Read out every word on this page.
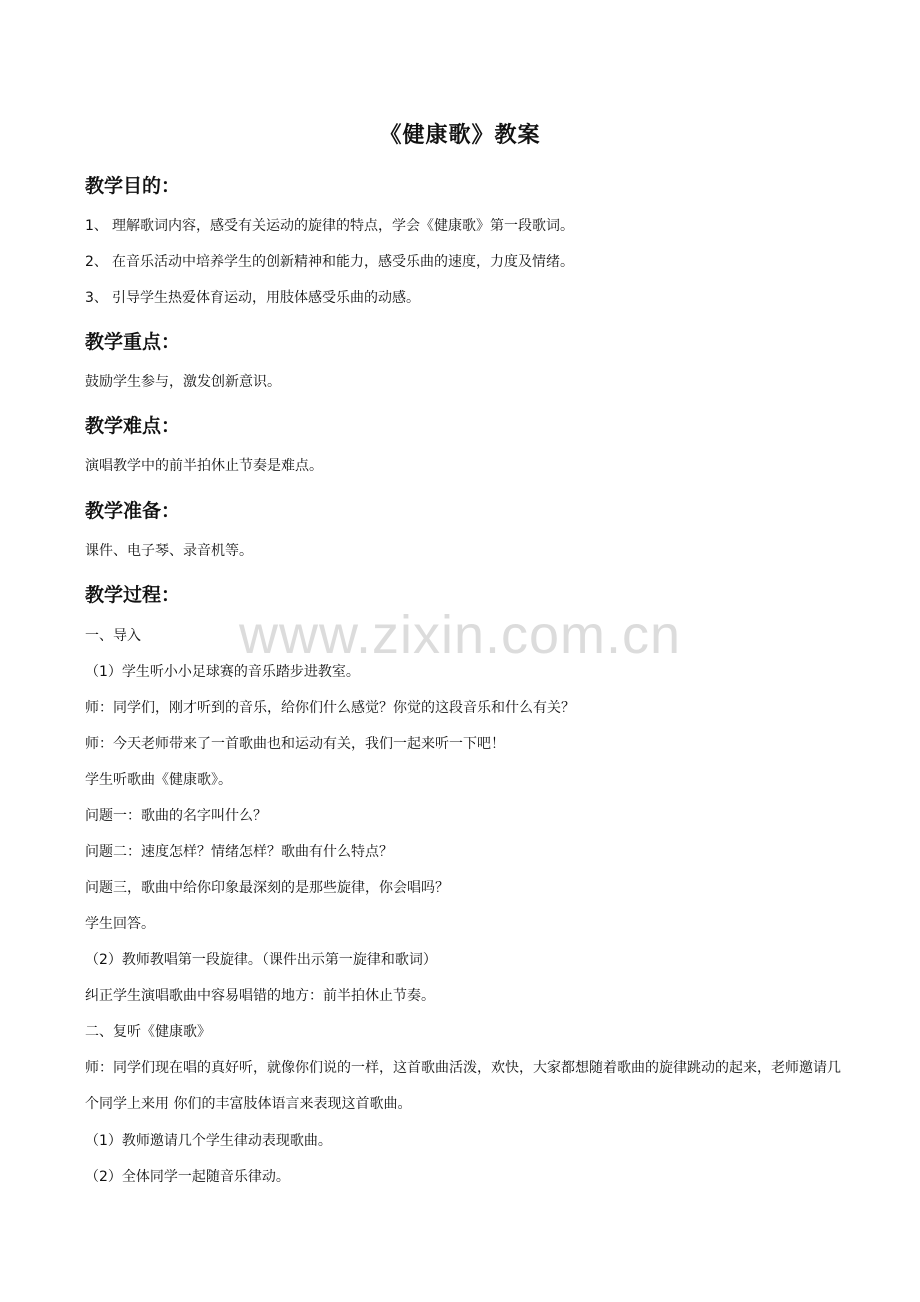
www.zixin.com.cn
《健康歌》教案
教学目的：
1、 理解歌词内容，感受有关运动的旋律的特点，学会《健康歌》第一段歌词。
2、 在音乐活动中培养学生的创新精神和能力，感受乐曲的速度，力度及情绪。
3、 引导学生热爱体育运动，用肢体感受乐曲的动感。
教学重点：
鼓励学生参与，激发创新意识。
教学难点：
演唱教学中的前半拍休止节奏是难点。
教学准备：
课件、电子琴、录音机等。
教学过程：
一、导入
（1）学生听小小足球赛的音乐踏步进教室。
师：同学们，刚才听到的音乐，给你们什么感觉？你觉的这段音乐和什么有关？
师：今天老师带来了一首歌曲也和运动有关，我们一起来听一下吧！
学生听歌曲《健康歌》。
问题一：歌曲的名字叫什么？
问题二：速度怎样？情绪怎样？歌曲有什么特点？
问题三，歌曲中给你印象最深刻的是那些旋律，你会唱吗？
学生回答。
（2）教师教唱第一段旋律。（课件出示第一旋律和歌词）
纠正学生演唱歌曲中容易唱错的地方：前半拍休止节奏。
二、复听《健康歌》
师：同学们现在唱的真好听，就像你们说的一样，这首歌曲活泼，欢快，大家都想随着歌曲的旋律跳动的起来，老师邀请几个同学上来用 你们的丰富肢体语言来表现这首歌曲。
（1）教师邀请几个学生律动表现歌曲。
（2）全体同学一起随音乐律动。
